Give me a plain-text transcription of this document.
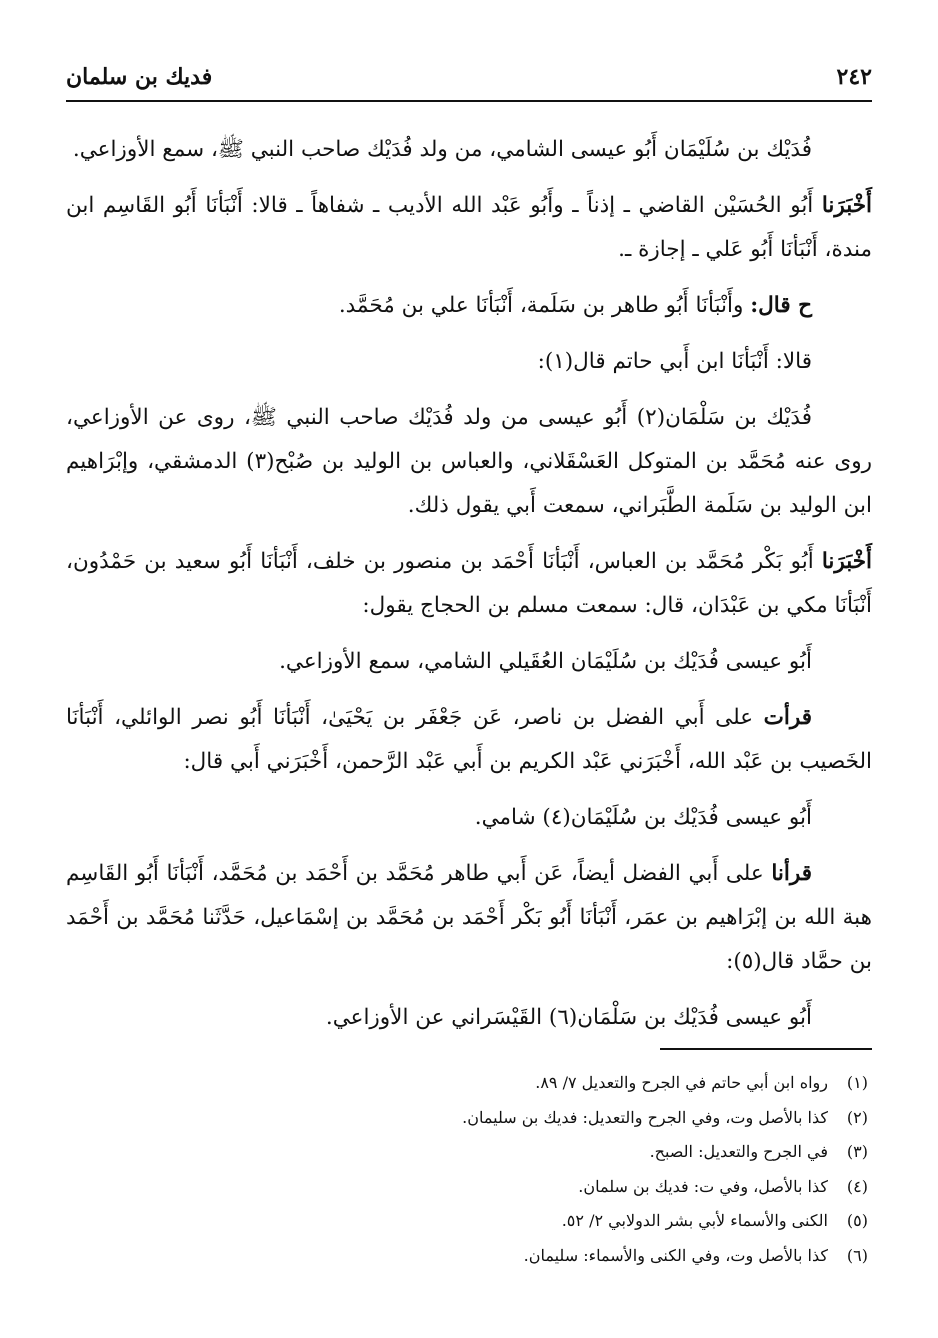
٢٤٢
فديك بن سلمان

فُدَيْك بن سُلَيْمَان أَبُو عيسى الشامي، من ولد فُدَيْك صاحب النبي ﷺ، سمع الأوزاعي.

أَخْبَرَنا أَبُو الحُسَيْن القاضي ـ إذناً ـ وأَبُو عَبْد الله الأديب ـ شفاهاً ـ قالا: أَنْبَأنَا أَبُو القَاسِم ابن مندة، أَنْبَأنَا أَبُو عَلي ـ إجازة ـ.

ح قال: وأَنْبَأنَا أَبُو طاهر بن سَلَمة، أَنْبَأنَا علي بن مُحَمَّد.

قالا: أَنْبَأنَا ابن أَبي حاتم قال(١):

فُدَيْك بن سَلْمَان(٢) أَبُو عيسى من ولد فُدَيْك صاحب النبي ﷺ، روى عن الأوزاعي، روى عنه مُحَمَّد بن المتوكل العَسْقَلاني، والعباس بن الوليد بن صُبْح(٣) الدمشقي، وإبْرَاهيم ابن الوليد بن سَلَمة الطَّبَراني، سمعت أَبي يقول ذلك.

أَخْبَرَنا أَبُو بَكْر مُحَمَّد بن العباس، أَنْبَأنَا أَحْمَد بن منصور بن خلف، أَنْبَأنَا أَبُو سعيد بن حَمْدُون، أَنْبَأنَا مكي بن عَبْدَان، قال: سمعت مسلم بن الحجاج يقول:

أَبُو عيسى فُدَيْك بن سُلَيْمَان العُقَيلي الشامي، سمع الأوزاعي.

قرأت على أَبي الفضل بن ناصر، عَن جَعْفَر بن يَحْيَىٰ، أَنْبَأنَا أَبُو نصر الوائلي، أَنْبَأنَا الخَصيب بن عَبْد الله، أَخْبَرَني عَبْد الكريم بن أَبي عَبْد الرَّحمن، أَخْبَرَني أَبي قال:

أَبُو عيسى فُدَيْك بن سُلَيْمَان(٤) شامي.

قرأنا على أَبي الفضل أيضاً، عَن أَبي طاهر مُحَمَّد بن أَحْمَد بن مُحَمَّد، أَنْبَأنَا أَبُو القَاسِم هبة الله بن إبْرَاهيم بن عمَر، أَنْبَأنَا أَبُو بَكْر أَحْمَد بن مُحَمَّد بن إسْمَاعيل، حَدَّثَنا مُحَمَّد بن أَحْمَد بن حمَّاد قال(٥):

أَبُو عيسى فُدَيْك بن سَلْمَان(٦) القَيْسَراني عن الأوزاعي.

(١)رواه ابن أبي حاتم في الجرح والتعديل ٧/ ٨٩.

(٢)كذا بالأصل وت، وفي الجرح والتعديل: فديك بن سليمان.

(٣)في الجرح والتعديل: الصبح.

(٤)كذا بالأصل، وفي ت: فديك بن سلمان.

(٥)الكنى والأسماء لأبي بشر الدولابي ٢/ ٥٢.

(٦)كذا بالأصل وت، وفي الكنى والأسماء: سليمان.
